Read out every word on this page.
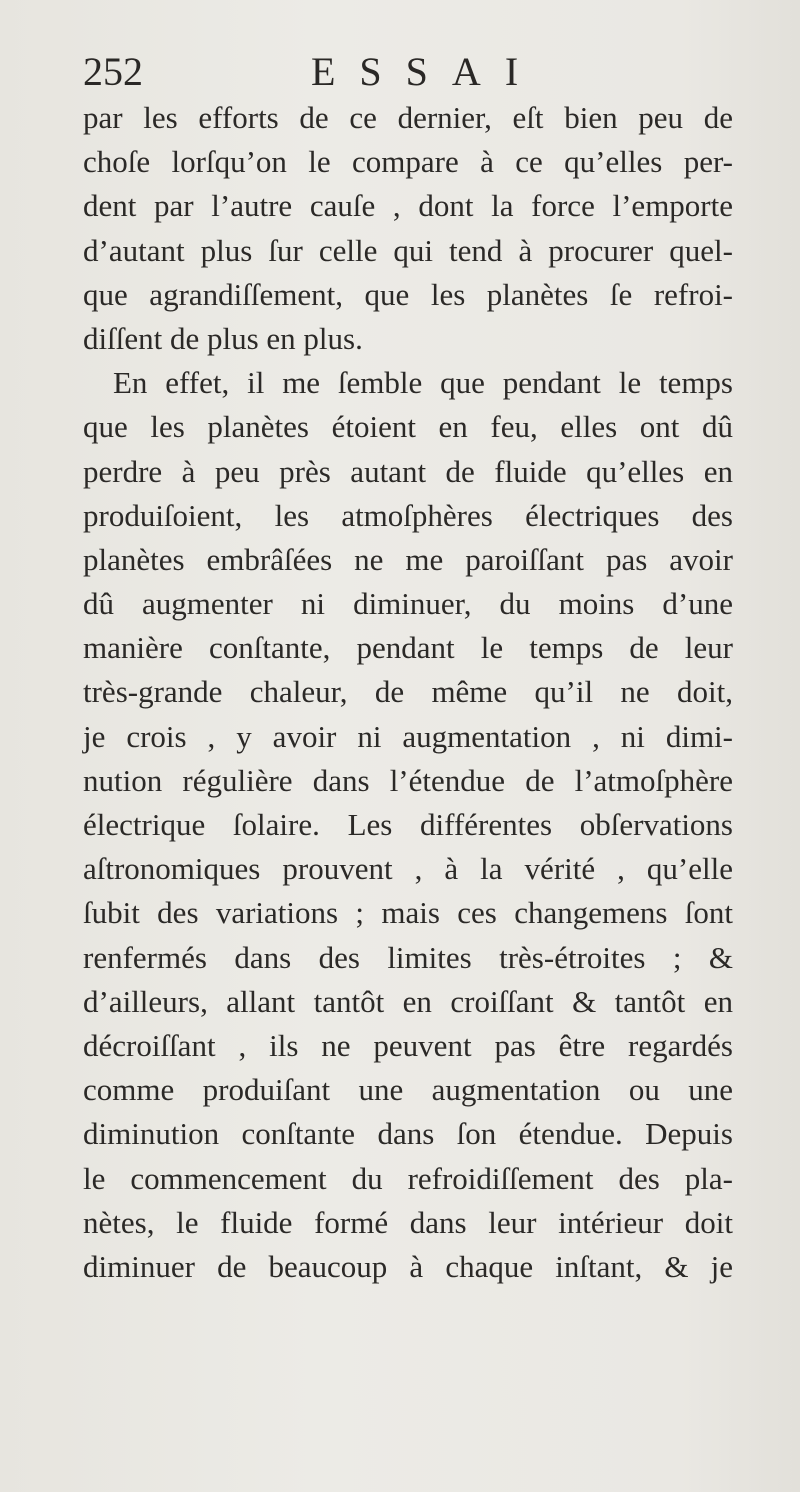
252	ESSAI
par les efforts de ce dernier, eſt bien peu de
choſe lorſqu’on le compare à ce qu’elles per-
dent par l’autre cauſe , dont la force l’emporte
d’autant plus ſur celle qui tend à procurer quel-
que agrandiſſement, que les planètes ſe refroi-
diſſent de plus en plus.
En effet, il me ſemble que pendant le temps
que les planètes étoient en feu, elles ont dû
perdre à peu près autant de fluide qu’elles en
produiſoient, les atmoſphères électriques des
planètes embrâſées ne me paroiſſant pas avoir
dû augmenter ni diminuer, du moins d’une
manière conſtante, pendant le temps de leur
très-grande chaleur, de même qu’il ne doit,
je crois , y avoir ni augmentation , ni dimi-
nution régulière dans l’étendue de l’atmoſphère
électrique ſolaire. Les différentes obſervations
aſtronomiques prouvent , à la vérité , qu’elle
ſubit des variations ; mais ces changemens ſont
renfermés dans des limites très-étroites ; &
d’ailleurs, allant tantôt en croiſſant & tantôt en
décroiſſant , ils ne peuvent pas être regardés
comme produiſant une augmentation ou une
diminution conſtante dans ſon étendue. Depuis
le commencement du refroidiſſement des pla-
nètes, le fluide formé dans leur intérieur doit
diminuer de beaucoup à chaque inſtant, & je
